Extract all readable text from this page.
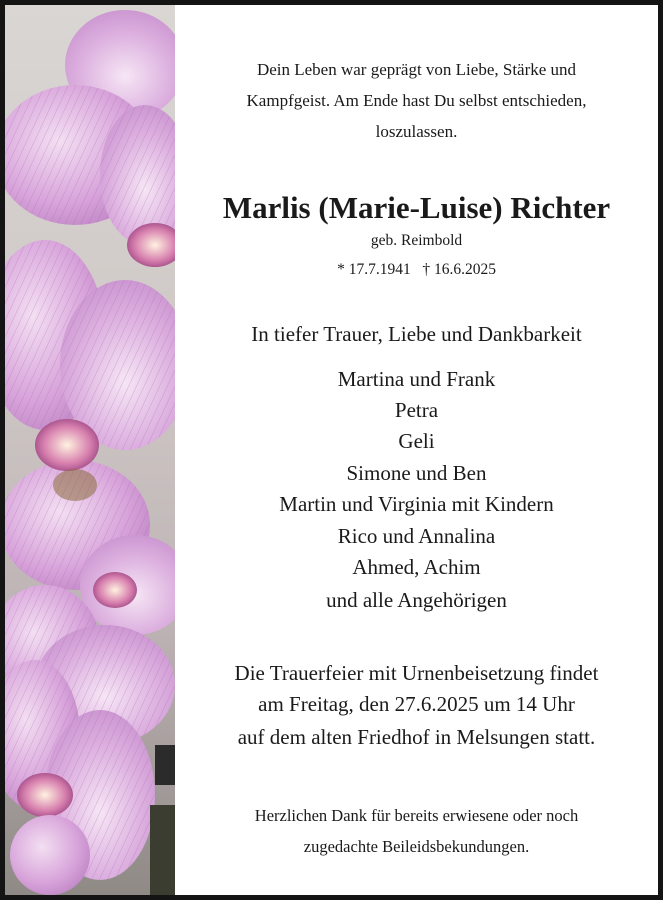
Dein Leben war geprägt von Liebe, Stärke und
Kampfgeist. Am Ende hast Du selbst entschieden,
loszulassen.
Marlis (Marie-Luise) Richter
geb. Reimbold
* 17.7.1941   † 16.6.2025
In tiefer Trauer, Liebe und Dankbarkeit
Martina und Frank
Petra
Geli
Simone und Ben
Martin und Virginia mit Kindern
Rico und Annalina
Ahmed, Achim
und alle Angehörigen
Die Trauerfeier mit Urnenbeisetzung findet
am Freitag, den 27.6.2025 um 14 Uhr
auf dem alten Friedhof in Melsungen statt.
Herzlichen Dank für bereits erwiesene oder noch
zugedachte Beileidsbekundungen.
